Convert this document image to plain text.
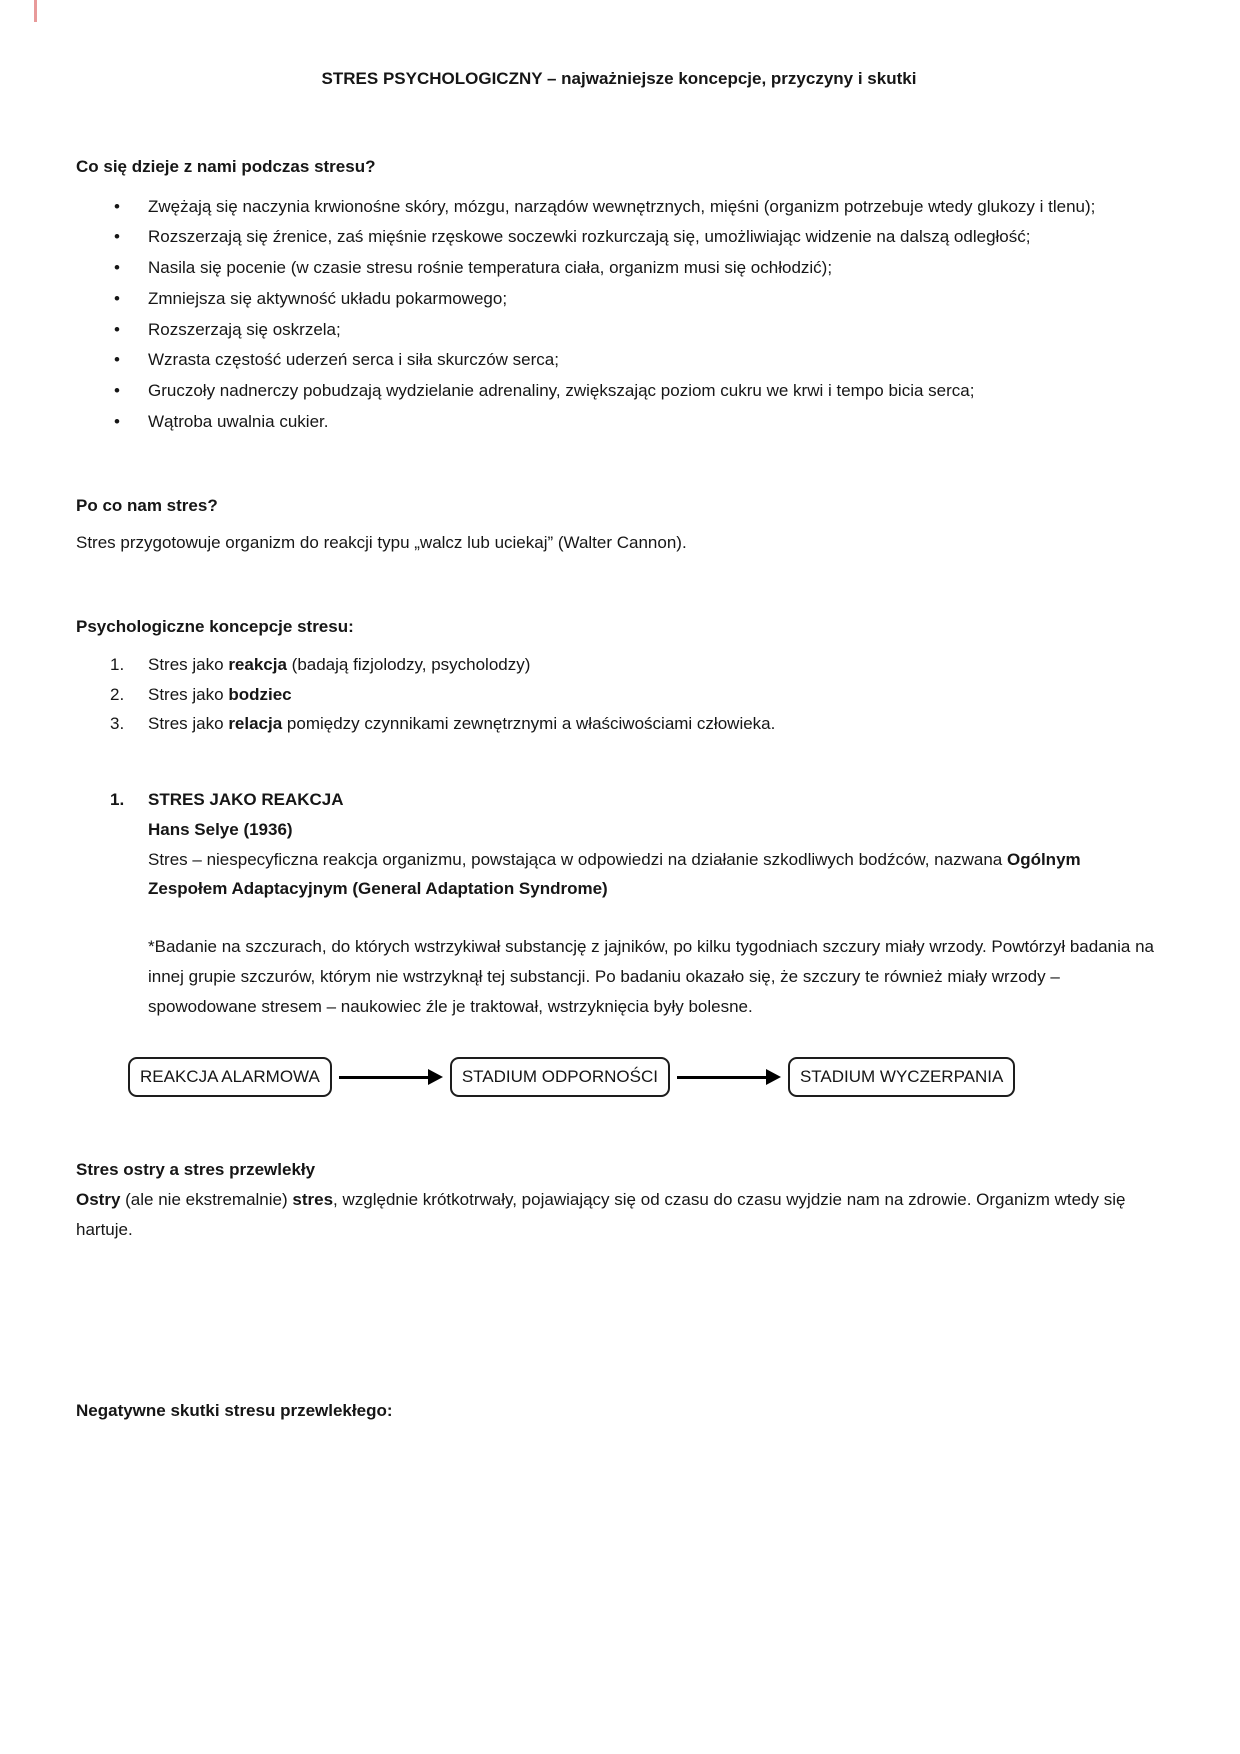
STRES PSYCHOLOGICZNY – najważniejsze koncepcje, przyczyny i skutki
Co się dzieje z nami podczas stresu?
• Zwężają się naczynia krwionośne skóry, mózgu, narządów wewnętrznych, mięśni (organizm potrzebuje wtedy glukozy i tlenu);
• Rozszerzają się źrenice, zaś mięśnie rzęskowe soczewki rozkurczają się, umożliwiając widzenie na dalszą odległość;
• Nasila się pocenie (w czasie stresu rośnie temperatura ciała, organizm musi się ochłodzić);
• Zmniejsza się aktywność układu pokarmowego;
• Rozszerzają się oskrzela;
• Wzrasta częstość uderzeń serca i siła skurczów serca;
• Gruczoły nadnerczy pobudzają wydzielanie adrenaliny, zwiększając poziom cukru we krwi i tempo bicia serca;
• Wątroba uwalnia cukier.
Po co nam stres?
Stres przygotowuje organizm do reakcji typu „walcz lub uciekaj” (Walter Cannon).
Psychologiczne koncepcje stresu:
1.	Stres jako reakcja (badają fizjolodzy, psycholodzy)
2.	Stres jako bodziec
3.	Stres jako relacja pomiędzy czynnikami zewnętrznymi a właściwościami człowieka.
1.	STRES JAKO REAKCJA
Hans Selye (1936)
Stres – niespecyficzna reakcja organizmu, powstająca w odpowiedzi na działanie szkodliwych bodźców, nazwana Ogólnym Zespołem Adaptacyjnym (General Adaptation Syndrome)
*Badanie na szczurach, do których wstrzykiwał substancję z jajników, po kilku tygodniach szczury miały wrzody. Powtórzył badania na innej grupie szczurów, którym nie wstrzyknął tej substancji. Po badaniu okazało się, że szczury te również miały wrzody – spowodowane stresem – naukowiec źle je traktował, wstrzyknięcia były bolesne.
REAKCJA ALARMOWA	STADIUM ODPORNOŚCI	STADIUM WYCZERPANIA
Stres ostry a stres przewlekły
Ostry (ale nie ekstremalnie) stres, względnie krótkotrwały, pojawiający się od czasu do czasu wyjdzie nam na zdrowie. Organizm wtedy się hartuje.
Negatywne skutki stresu przewlekłego:
